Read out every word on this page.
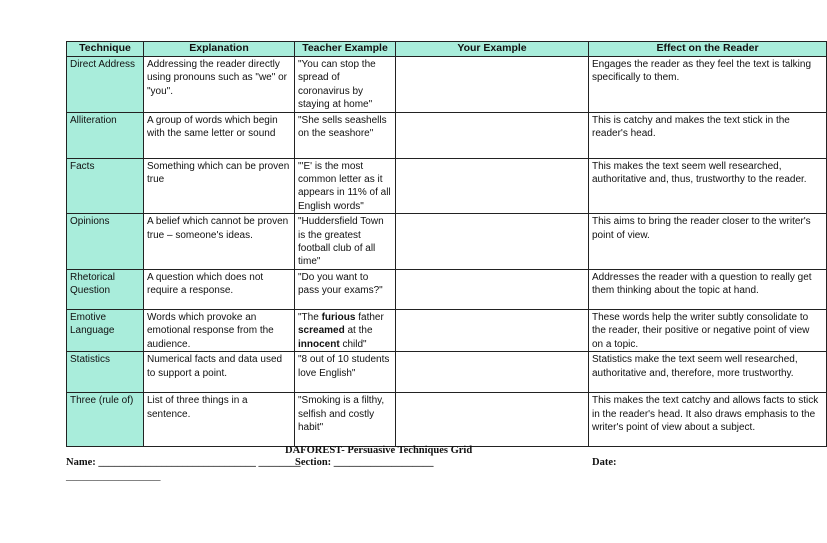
Technique	Explanation	Teacher Example	Your Example	Effect on the Reader
Direct Address	Addressing the reader directly using pronouns such as "we" or "you".	"You can stop the spread of coronavirus by staying at home"		Engages the reader as they feel the text is talking specifically to them.
Alliteration	A group of words which begin with the same letter or sound	"She sells seashells on the seashore"		This is catchy and makes the text stick in the reader's head.
Facts	Something which can be proven true	"'E' is the most common letter as it appears in 11% of all English words"		This makes the text seem well researched, authoritative and, thus, trustworthy to the reader.
Opinions	A belief which cannot be proven true – someone's ideas.	"Huddersfield Town is the greatest football club of all time"		This aims to bring the reader closer to the writer's point of view.
Rhetorical Question	A question which does not require a response.	"Do you want to pass your exams?"		Addresses the reader with a question to really get them thinking about the topic at hand.
Emotive Language	Words which provoke an emotional response from the audience.	"The furious father screamed at the innocent child"		These words help the writer subtly consolidate to the reader, their positive or negative point of view on a topic.
Statistics	Numerical facts and data used to support a point.	"8 out of 10 students love English"		Statistics make the text seem well researched, authoritative and, therefore, more trustworthy.
Three (rule of)	List of three things in a sentence.	"Smoking is a filthy, selfish and costly habit"		This makes the text catchy and allows facts to stick in the reader's head. It also draws emphasis to the writer's point of view about a subject.
DAFOREST- Persuasive Techniques Grid
Name: ______________________________ ________
Section: ___________________	Date:
__________________
